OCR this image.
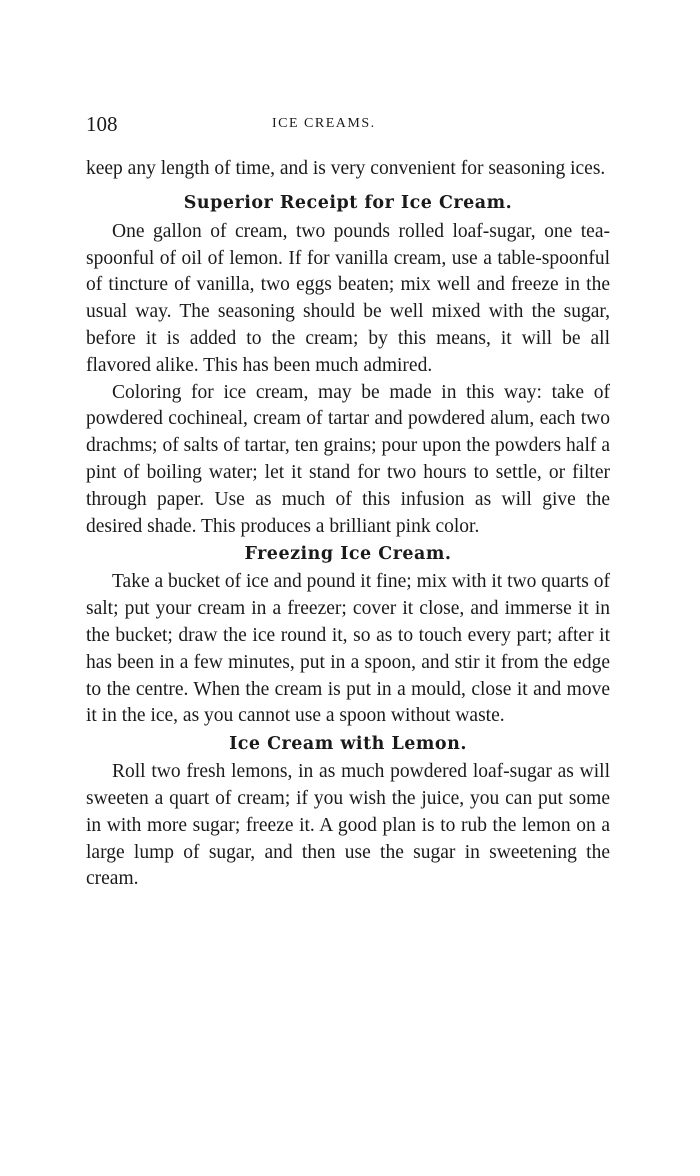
108	ICE CREAMS.

keep any length of time, and is very convenient for seasoning ices.

Superior Receipt for Ice Cream.

One gallon of cream, two pounds rolled loaf-sugar, one tea-spoonful of oil of lemon. If for vanilla cream, use a table-spoonful of tincture of vanilla, two eggs beaten; mix well and freeze in the usual way. The seasoning should be well mixed with the sugar, before it is added to the cream; by this means, it will be all flavored alike. This has been much admired.

Coloring for ice cream, may be made in this way: take of powdered cochineal, cream of tartar and powdered alum, each two drachms; of salts of tartar, ten grains; pour upon the powders half a pint of boiling water; let it stand for two hours to settle, or filter through paper. Use as much of this infusion as will give the desired shade. This produces a brilliant pink color.

Freezing Ice Cream.

Take a bucket of ice and pound it fine; mix with it two quarts of salt; put your cream in a freezer; cover it close, and immerse it in the bucket; draw the ice round it, so as to touch every part; after it has been in a few minutes, put in a spoon, and stir it from the edge to the centre. When the cream is put in a mould, close it and move it in the ice, as you cannot use a spoon without waste.

Ice Cream with Lemon.

Roll two fresh lemons, in as much powdered loaf-sugar as will sweeten a quart of cream; if you wish the juice, you can put some in with more sugar; freeze it. A good plan is to rub the lemon on a large lump of sugar, and then use the sugar in sweetening the cream.
